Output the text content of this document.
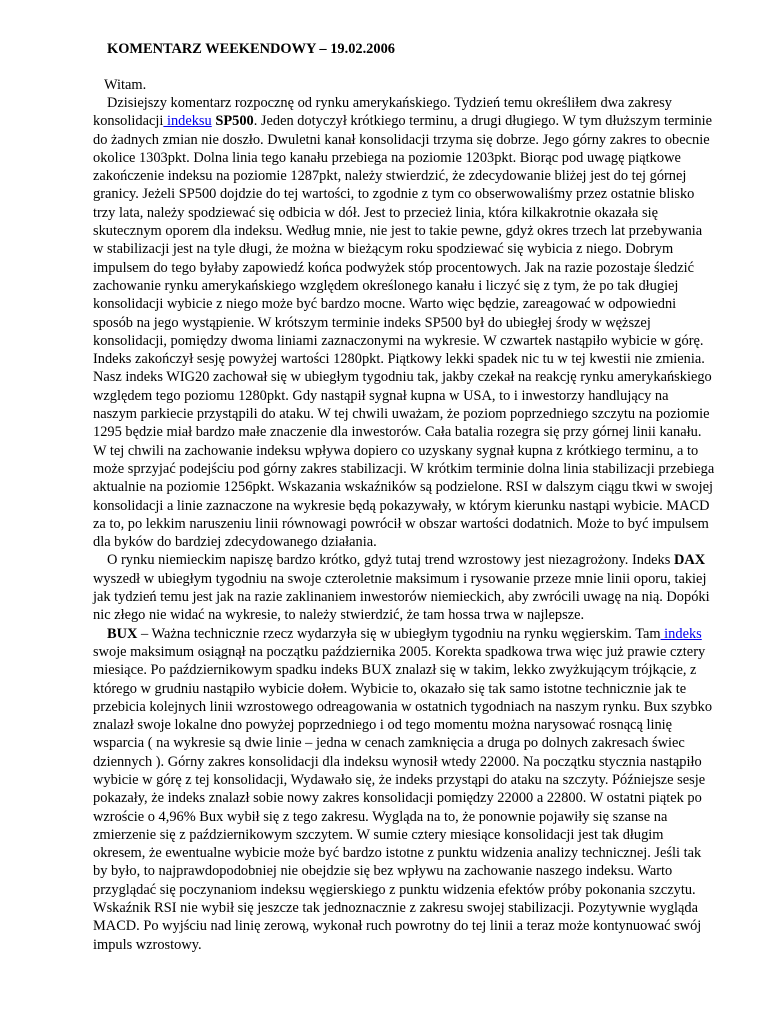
KOMENTARZ WEEKENDOWY – 19.02.2006
Witam.

Dzisiejszy komentarz rozpocznę od rynku amerykańskiego. Tydzień temu określiłem dwa zakresy konsolidacji indeksu SP500. Jeden dotyczył krótkiego terminu, a drugi długiego. W tym dłuższym terminie do żadnych zmian nie doszło. Dwuletni kanał konsolidacji trzyma się dobrze. Jego górny zakres to obecnie okolice 1303pkt. Dolna linia tego kanału przebiega na poziomie 1203pkt. Biorąc pod uwagę piątkowe zakończenie indeksu na poziomie 1287pkt, należy stwierdzić, że zdecydowanie bliżej jest do tej górnej granicy. Jeżeli SP500 dojdzie do tej wartości, to zgodnie z tym co obserwowaliśmy przez ostatnie blisko trzy lata, należy spodziewać się odbicia w dół. Jest to przecież linia, która kilkakrotnie okazała się skutecznym oporem dla indeksu. Według mnie, nie jest to takie pewne, gdyż okres trzech lat przebywania w stabilizacji jest na tyle długi, że można w bieżącym roku spodziewać się wybicia z niego. Dobrym impulsem do tego byłaby zapowiedź końca podwyżek stóp procentowych. Jak na razie pozostaje śledzić zachowanie rynku amerykańskiego względem określonego kanału i liczyć się z tym, że po tak długiej konsolidacji wybicie z niego może być bardzo mocne. Warto więc będzie, zareagować w odpowiedni sposób na jego wystąpienie. W krótszym terminie indeks SP500 był do ubiegłej środy w węższej konsolidacji, pomiędzy dwoma liniami zaznaczonymi na wykresie. W czwartek nastąpiło wybicie w górę. Indeks zakończył sesję powyżej wartości 1280pkt. Piątkowy lekki spadek nic tu w tej kwestii nie zmienia. Nasz indeks WIG20 zachował się w ubiegłym tygodniu tak, jakby czekał na reakcję rynku amerykańskiego względem tego poziomu 1280pkt. Gdy nastąpił sygnał kupna w USA, to i inwestorzy handlujący na naszym parkiecie przystąpili do ataku. W tej chwili uważam, że poziom poprzedniego szczytu na poziomie 1295 będzie miał bardzo małe znaczenie dla inwestorów. Cała batalia rozegra się przy górnej linii kanału. W tej chwili na zachowanie indeksu wpływa dopiero co uzyskany sygnał kupna z krótkiego terminu, a to może sprzyjać podejściu pod górny zakres stabilizacji. W krótkim terminie dolna linia stabilizacji przebiega aktualnie na poziomie 1256pkt. Wskazania wskaźników są podzielone. RSI w dalszym ciągu tkwi w swojej konsolidacji a linie zaznaczone na wykresie będą pokazywały, w którym kierunku nastąpi wybicie. MACD za to, po lekkim naruszeniu linii równowagi powrócił w obszar wartości dodatnich. Może to być impulsem dla byków do bardziej zdecydowanego działania.

O rynku niemieckim napiszę bardzo krótko, gdyż tutaj trend wzrostowy jest niezagrożony. Indeks DAX wyszedł w ubiegłym tygodniu na swoje czteroletnie maksimum i rysowanie przeze mnie linii oporu, takiej jak tydzień temu jest jak na razie zaklinaniem inwestorów niemieckich, aby zwrócili uwagę na nią. Dopóki nic złego nie widać na wykresie, to należy stwierdzić, że tam hossa trwa w najlepsze.

BUX – Ważna technicznie rzecz wydarzyła się w ubiegłym tygodniu na rynku węgierskim. Tam indeks swoje maksimum osiągnął na początku października 2005. Korekta spadkowa trwa więc już prawie cztery miesiące. Po październikowym spadku indeks BUX znalazł się w takim, lekko zwyżkującym trójkącie, z którego w grudniu nastąpiło wybicie dołem. Wybicie to, okazało się tak samo istotne technicznie jak te przebicia kolejnych linii wzrostowego odreagowania w ostatnich tygodniach na naszym rynku. Bux szybko znalazł swoje lokalne dno powyżej poprzedniego i od tego momentu można narysować rosnącą linię wsparcia ( na wykresie są dwie linie – jedna w cenach zamknięcia a druga po dolnych zakresach świec dziennych ). Górny zakres konsolidacji dla indeksu wynosił wtedy 22000. Na początku stycznia nastąpiło wybicie w górę z tej konsolidacji, Wydawało się, że indeks przystąpi do ataku na szczyty. Późniejsze sesje pokazały, że indeks znalazł sobie nowy zakres konsolidacji pomiędzy 22000 a 22800. W ostatni piątek po wzroście o 4,96% Bux wybił się z tego zakresu. Wygląda na to, że ponownie pojawiły się szanse na zmierzenie się z październikowym szczytem. W sumie cztery miesiące konsolidacji jest tak długim okresem, że ewentualne wybicie może być bardzo istotne z punktu widzenia analizy technicznej. Jeśli tak by było, to najprawdopodobniej nie obejdzie się bez wpływu na zachowanie naszego indeksu. Warto przyglądać się poczynaniom indeksu węgierskiego z punktu widzenia efektów próby pokonania szczytu. Wskaźnik RSI nie wybił się jeszcze tak jednoznacznie z zakresu swojej stabilizacji. Pozytywnie wygląda MACD. Po wyjściu nad linię zerową, wykonał ruch powrotny do tej linii a teraz może kontynuować swój impuls wzrostowy.
